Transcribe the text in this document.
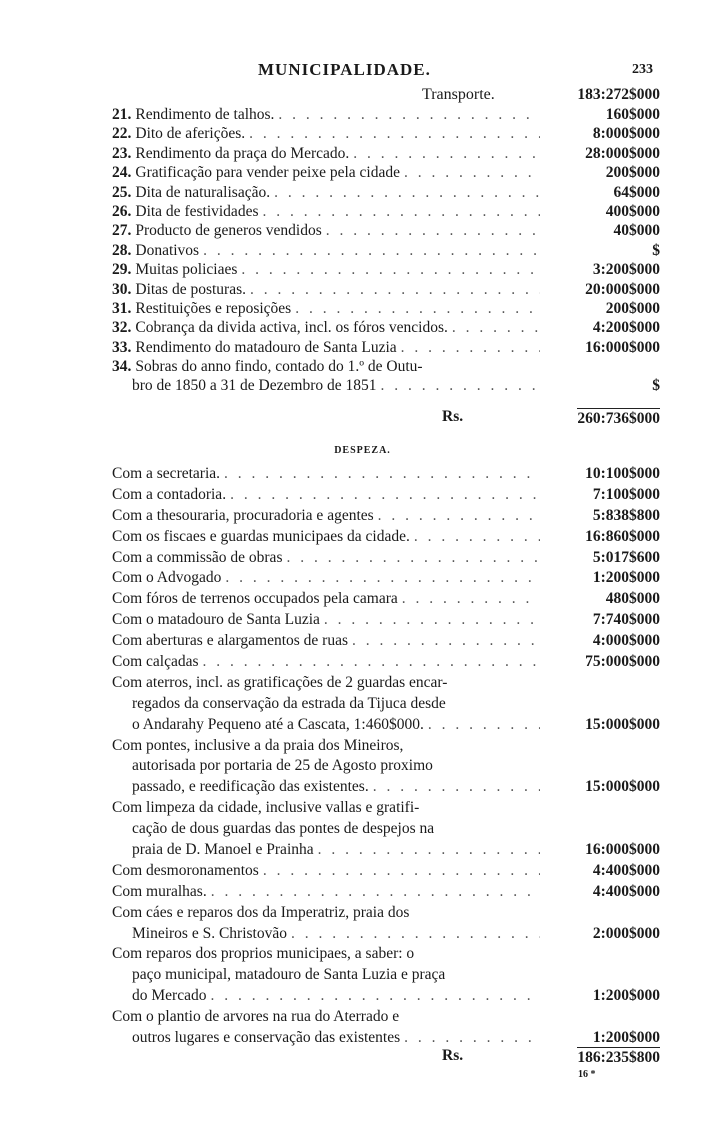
MUNICIPALIDADE.	233
Transporte.	183:272$000
21. Rendimento de talhos. . . .	160$000
22. Dito de aferições. . . .	8:000$000
23. Rendimento da praça do Mercado. . . .	28:000$000
24. Gratificação para vender peixe pela cidade . . .	200$000
25. Dita de naturalisação. . . .	64$000
26. Dita de festividades . . .	400$000
27. Producto de generos vendidos . . .	40$000
28. Donativos . . .	$
29. Muitas policiaes . . .	3:200$000
30. Ditas de posturas. . . .	20:000$000
31. Restituições e reposições . . .	200$000
32. Cobrança da divida activa, incl. os fóros vencidos. . . .	4:200$000
33. Rendimento do matadouro de Santa Luzia . . .	16:000$000
34. Sobras do anno findo, contado do 1.º de Outu-
bro de 1850 a 31 de Dezembro de 1851 . . .	$
Rs.	260:736$000
DESPEZA.
Com a secretaria. . . .	10:100$000
Com a contadoria. . . .	7:100$000
Com a thesouraria, procuradoria e agentes . . .	5:838$800
Com os fiscaes e guardas municipaes da cidade. . . .	16:860$000
Com a commissão de obras . . .	5:017$600
Com o Advogado . . .	1:200$000
Com fóros de terrenos occupados pela camara . . .	480$000
Com o matadouro de Santa Luzia . . .	7:740$000
Com aberturas e alargamentos de ruas . . .	4:000$000
Com calçadas . . .	75:000$000
Com aterros, incl. as gratificações de 2 guardas encar-
regados da conservação da estrada da Tijuca desde
o Andarahy Pequeno até a Cascata, 1:460$000. . . .	15:000$000
Com pontes, inclusive a da praia dos Mineiros,
autorisada por portaria de 25 de Agosto proximo
passado, e reedificação das existentes. . . .	15:000$000
Com limpeza da cidade, inclusive vallas e gratifi-
cação de dous guardas das pontes de despejos na
praia de D. Manoel e Prainha . . .	16:000$000
Com desmoronamentos . . .	4:400$000
Com muralhas. . . .	4:400$000
Com cáes e reparos dos da Imperatriz, praia dos
Mineiros e S. Christovão . . .	2:000$000
Com reparos dos proprios municipaes, a saber: o
paço municipal, matadouro de Santa Luzia e praça
do Mercado . . .	1:200$000
Com o plantio de arvores na rua do Aterrado e
outros lugares e conservação das existentes . . .	1:200$000
Rs.	186:235$800
16 *
